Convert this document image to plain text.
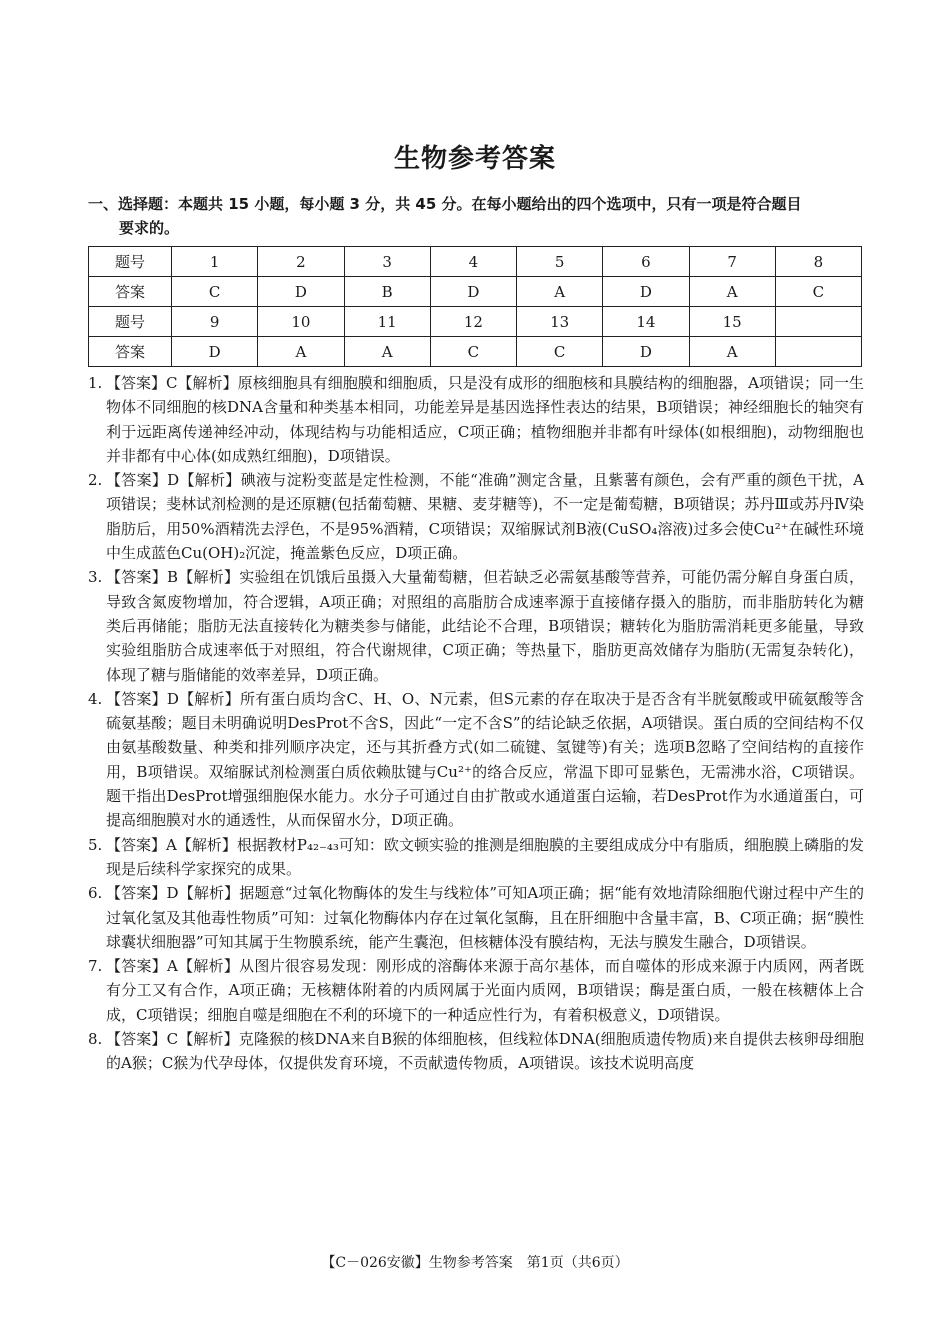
生物参考答案
一、选择题：本题共 15 小题，每小题 3 分，共 45 分。在每小题给出的四个选项中，只有一项是符合题目
要求的。
题号	1	2	3	4	5	6	7	8
答案	C	D	B	D	A	D	A	C
题号	9	10	11	12	13	14	15	
答案	D	A	A	C	C	D	A	

1. 【答案】C【解析】原核细胞具有细胞膜和细胞质，只是没有成形的细胞核和具膜结构的细胞器，A项错误；同一生物体不同细胞的核DNA含量和种类基本相同，功能差异是基因选择性表达的结果，B项错误；神经细胞长的轴突有利于远距离传递神经冲动，体现结构与功能相适应，C项正确；植物细胞并非都有叶绿体(如根细胞)，动物细胞也并非都有中心体(如成熟红细胞)，D项错误。

2. 【答案】D【解析】碘液与淀粉变蓝是定性检测，不能“准确”测定含量，且紫薯有颜色，会有严重的颜色干扰，A项错误；斐林试剂检测的是还原糖(包括葡萄糖、果糖、麦芽糖等)，不一定是葡萄糖，B项错误；苏丹Ⅲ或苏丹Ⅳ染脂肪后，用50%酒精洗去浮色，不是95%酒精，C项错误；双缩脲试剂B液(CuSO₄溶液)过多会使Cu²⁺在碱性环境中生成蓝色Cu(OH)₂沉淀，掩盖紫色反应，D项正确。

3. 【答案】B【解析】实验组在饥饿后虽摄入大量葡萄糖，但若缺乏必需氨基酸等营养，可能仍需分解自身蛋白质，导致含氮废物增加，符合逻辑，A项正确；对照组的高脂肪合成速率源于直接储存摄入的脂肪，而非脂肪转化为糖类后再储能；脂肪无法直接转化为糖类参与储能，此结论不合理，B项错误；糖转化为脂肪需消耗更多能量，导致实验组脂肪合成速率低于对照组，符合代谢规律，C项正确；等热量下，脂肪更高效储存为脂肪(无需复杂转化)，体现了糖与脂储能的效率差异，D项正确。

4. 【答案】D【解析】所有蛋白质均含C、H、O、N元素，但S元素的存在取决于是否含有半胱氨酸或甲硫氨酸等含硫氨基酸；题目未明确说明DesProt不含S，因此“一定不含S”的结论缺乏依据，A项错误。蛋白质的空间结构不仅由氨基酸数量、种类和排列顺序决定，还与其折叠方式(如二硫键、氢键等)有关；选项B忽略了空间结构的直接作用，B项错误。双缩脲试剂检测蛋白质依赖肽键与Cu²⁺的络合反应，常温下即可显紫色，无需沸水浴，C项错误。题干指出DesProt增强细胞保水能力。水分子可通过自由扩散或水通道蛋白运输，若DesProt作为水通道蛋白，可提高细胞膜对水的通透性，从而保留水分，D项正确。

5. 【答案】A【解析】根据教材P₄₂₋₄₃可知：欧文顿实验的推测是细胞膜的主要组成成分中有脂质，细胞膜上磷脂的发现是后续科学家探究的成果。

6. 【答案】D【解析】据题意“过氧化物酶体的发生与线粒体”可知A项正确；据“能有效地清除细胞代谢过程中产生的过氧化氢及其他毒性物质”可知：过氧化物酶体内存在过氧化氢酶，且在肝细胞中含量丰富，B、C项正确；据“膜性球囊状细胞器”可知其属于生物膜系统，能产生囊泡，但核糖体没有膜结构，无法与膜发生融合，D项错误。

7. 【答案】A【解析】从图片很容易发现：刚形成的溶酶体来源于高尔基体，而自噬体的形成来源于内质网，两者既有分工又有合作，A项正确；无核糖体附着的内质网属于光面内质网，B项错误；酶是蛋白质，一般在核糖体上合成，C项错误；细胞自噬是细胞在不利的环境下的一种适应性行为，有着积极意义，D项错误。

8. 【答案】C【解析】克隆猴的核DNA来自B猴的体细胞核，但线粒体DNA(细胞质遗传物质)来自提供去核卵母细胞的A猴；C猴为代孕母体，仅提供发育环境，不贡献遗传物质，A项错误。该技术说明高度

【C－026安徽】生物参考答案　第1页（共6页）
